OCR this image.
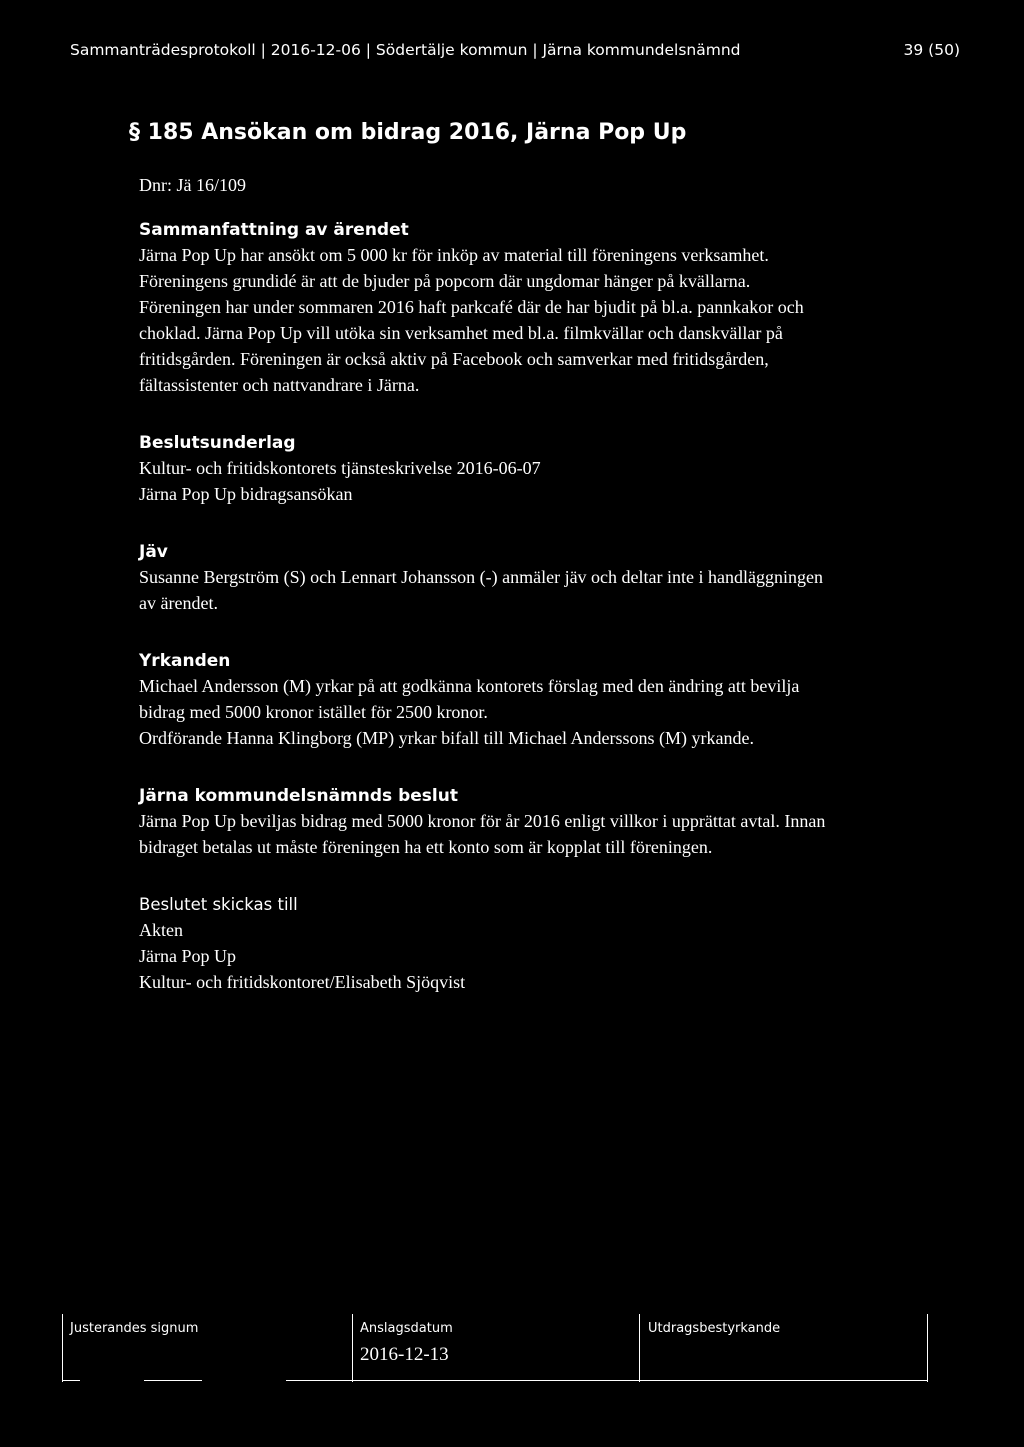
Sammanträdesprotokoll | 2016-12-06 | Södertälje kommun | Järna kommundelsnämnd	39 (50)
§ 185 Ansökan om bidrag 2016, Järna Pop Up
Dnr: Jä 16/109
Sammanfattning av ärendet
Järna Pop Up har ansökt om 5 000 kr för inköp av material till föreningens verksamhet.
Föreningens grundidé är att de bjuder på popcorn där ungdomar hänger på kvällarna.
Föreningen har under sommaren 2016 haft parkcafé där de har bjudit på bl.a. pannkakor och
choklad. Järna Pop Up vill utöka sin verksamhet med bl.a. filmkvällar och danskvällar på
fritidsgården. Föreningen är också aktiv på Facebook och samverkar med fritidsgården,
fältassistenter och nattvandrare i Järna.
Beslutsunderlag
Kultur- och fritidskontorets tjänsteskrivelse 2016-06-07
Järna Pop Up bidragsansökan
Jäv
Susanne Bergström (S) och Lennart Johansson (-) anmäler jäv och deltar inte i handläggningen
av ärendet.
Yrkanden
Michael Andersson (M) yrkar på att godkänna kontorets förslag med den ändring att bevilja
bidrag med 5000 kronor istället för 2500 kronor.
Ordförande Hanna Klingborg (MP) yrkar bifall till Michael Anderssons (M) yrkande.
Järna kommundelsnämnds beslut
Järna Pop Up beviljas bidrag med 5000 kronor för år 2016 enligt villkor i upprättat avtal. Innan
bidraget betalas ut måste föreningen ha ett konto som är kopplat till föreningen.
Beslutet skickas till
Akten
Järna Pop Up
Kultur- och fritidskontoret/Elisabeth Sjöqvist
Justerandes signum	Anslagsdatum
2016-12-13
Utdragsbestyrkande
